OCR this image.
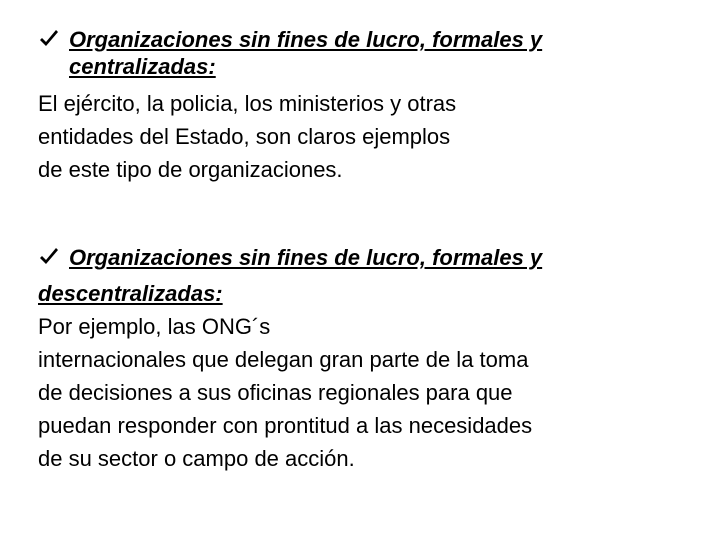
Organizaciones sin fines de lucro, formales y
centralizadas:
El ejército, la policia, los ministerios y otras
entidades del Estado, son claros ejemplos
de este tipo de organizaciones.
Organizaciones sin fines de lucro, formales y
descentralizadas:
Por ejemplo, las ONG´s
internacionales que delegan gran parte de la toma
de decisiones a sus oficinas regionales para que
puedan responder con prontitud a las necesidades
de su sector o campo de acción.
